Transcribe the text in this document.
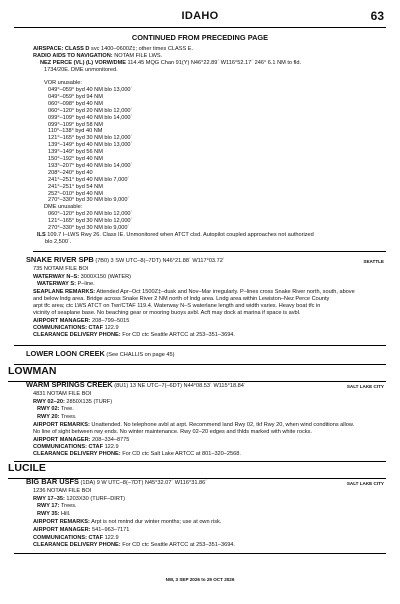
IDAHO	63
CONTINUED FROM PRECEDING PAGE
AIRSPACE: CLASS D svc 1400–0600Z‡; other times CLASS E.
RADIO AIDS TO NAVIGATION: NOTAM FILE LWS.
NEZ PERCE (VL) (L) VORW/DME 114.45 MQG Chan 91(Y) N46°22.89´ W116°52.17´ 246° 6.1 NM to fld.
1734/20E. DME unmonitored.
VOR unusable:
049°–059° byd 40 NM blo 13,000´
049°–059° byd 94 NM
060°–098° byd 40 NM
060°–120° byd 20 NM blo 12,000´
099°–109° byd 40 NM blo 14,000´
099°–109° byd 58 NM
110°–138° byd 40 NM
121°–165° byd 30 NM blo 12,000´
139°–149° byd 40 NM blo 13,000´
139°–149° byd 56 NM
150°–192° byd 40 NM
193°–207° byd 40 NM blo 14,000´
208°–240° byd 40
241°–251° byd 40 NM blo 7,000´
241°–251° byd 54 NM
252°–010° byd 40 NM
270°–330° byd 30 NM blo 9,000´
DME unusable:
060°–120° byd 20 NM blo 12,000´
121°–165° byd 30 NM blo 12,000´
270°–330° byd 30 NM blo 9,000´
ILS 109.7 I–LWS Rwy 26. Class IE. Unmonitored when ATCT clsd. Autopilot coupled approaches not authorized
blo 2,500´.
SNAKE RIVER SPB (7B0) 3 SW UTC–8(–7DT) N46°21.88´ W117°03.72´	SEATTLE
735 NOTAM FILE BOI
WATERWAY N–S: 3000X150 (WATER)
WATERWAY S: P–line.
SEAPLANE REMARKS: Attended Apr–Oct 1500Z‡–dusk and Nov–Mar irregularly. P–lines cross Snake River north, south, above
and below lndg area. Bridge across Snake River 2 NM north of lndg area. Lndg area within Lewiston–Nez Perce County
arpt tfc area; ctc LWS ATCT on Twr/CTAF 119.4. Waterway N–S waterlane length and width varies. Heavy boat tfc in
vicinity of seaplane base. No beaching gear or mooring buoys avbl. Acft may dock at marina if space is avbl.
AIRPORT MANAGER: 208–799–5015
COMMUNICATIONS: CTAF 122.9
CLEARANCE DELIVERY PHONE: For CD ctc Seattle ARTCC at 253–351–3694.
LOWER LOON CREEK (See CHALLIS on page 45)
LOWMAN
WARM SPRINGS CREEK (8U1) 13 NE UTC–7(–6DT) N44°08.53´ W115°18.84´	SALT LAKE CITY
4831 NOTAM FILE BOI
RWY 02–20: 2850X135 (TURF)
RWY 02: Tree.
RWY 20: Trees.
AIRPORT REMARKS: Unattended. No telephone avbl at arpt. Recommend land Rwy 02, tkf Rwy 20, when wind conditions allow.
No line of sight between rwy ends. No winter maintenance. Rwy 02–20 edges and thlds marked with white rocks.
AIRPORT MANAGER: 208–334–8775
COMMUNICATIONS: CTAF 122.9
CLEARANCE DELIVERY PHONE: For CD ctc Salt Lake ARTCC at 801–320–2568.
LUCILE
BIG BAR USFS (1DA) 9 W UTC–8(–7DT) N45°32.07´ W116°31.86´	SALT LAKE CITY
1236 NOTAM FILE BOI
RWY 17–35: 1203X30 (TURF–DIRT)
RWY 17: Trees.
RWY 35: Hill.
AIRPORT REMARKS: Arpt is not mntnd dur winter months; use at own risk.
AIRPORT MANAGER: 541–963–7171
COMMUNICATIONS: CTAF 122.9
CLEARANCE DELIVERY PHONE: For CD ctc Seattle ARTCC at 253–351–3694.
NW, 3 SEP 2026 to 29 OCT 2026
